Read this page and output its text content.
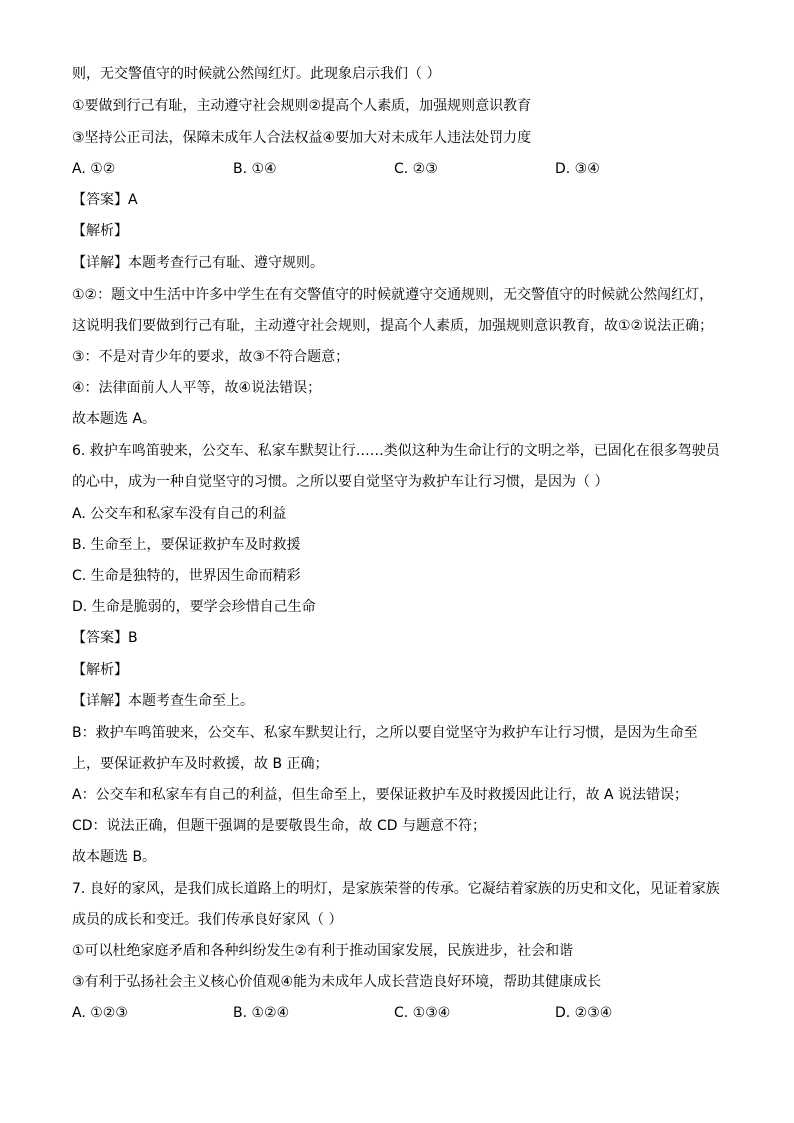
则，无交警值守的时候就公然闯红灯。此现象启示我们（ ）
①要做到行己有耻，主动遵守社会规则②提高个人素质，加强规则意识教育
③坚持公正司法，保障未成年人合法权益④要加大对未成年人违法处罚力度
A. ①②	B. ①④	C. ②③	D. ③④
【答案】A
【解析】
【详解】本题考查行己有耻、遵守规则。
①②：题文中生活中许多中学生在有交警值守的时候就遵守交通规则，无交警值守的时候就公然闯红灯，
这说明我们要做到行己有耻，主动遵守社会规则，提高个人素质，加强规则意识教育，故①②说法正确；
③：不是对青少年的要求，故③不符合题意；
④：法律面前人人平等，故④说法错误；
故本题选 A。
6. 救护车鸣笛驶来，公交车、私家车默契让行……类似这种为生命让行的文明之举，已固化在很多驾驶员
的心中，成为一种自觉坚守的习惯。之所以要自觉坚守为救护车让行习惯，是因为（ ）
A. 公交车和私家车没有自己的利益
B. 生命至上，要保证救护车及时救援
C. 生命是独特的，世界因生命而精彩
D. 生命是脆弱的，要学会珍惜自己生命
【答案】B
【解析】
【详解】本题考查生命至上。
B：救护车鸣笛驶来，公交车、私家车默契让行，之所以要自觉坚守为救护车让行习惯，是因为生命至
上，要保证救护车及时救援，故 B 正确；
A：公交车和私家车有自己的利益，但生命至上，要保证救护车及时救援因此让行，故 A 说法错误；
CD：说法正确，但题干强调的是要敬畏生命，故 CD 与题意不符；
故本题选 B。
7. 良好的家风，是我们成长道路上的明灯，是家族荣誉的传承。它凝结着家族的历史和文化，见证着家族
成员的成长和变迁。我们传承良好家风（ ）
①可以杜绝家庭矛盾和各种纠纷发生②有利于推动国家发展，民族进步，社会和谐
③有利于弘扬社会主义核心价值观④能为未成年人成长营造良好环境，帮助其健康成长
A. ①②③	B. ①②④	C. ①③④	D. ②③④
